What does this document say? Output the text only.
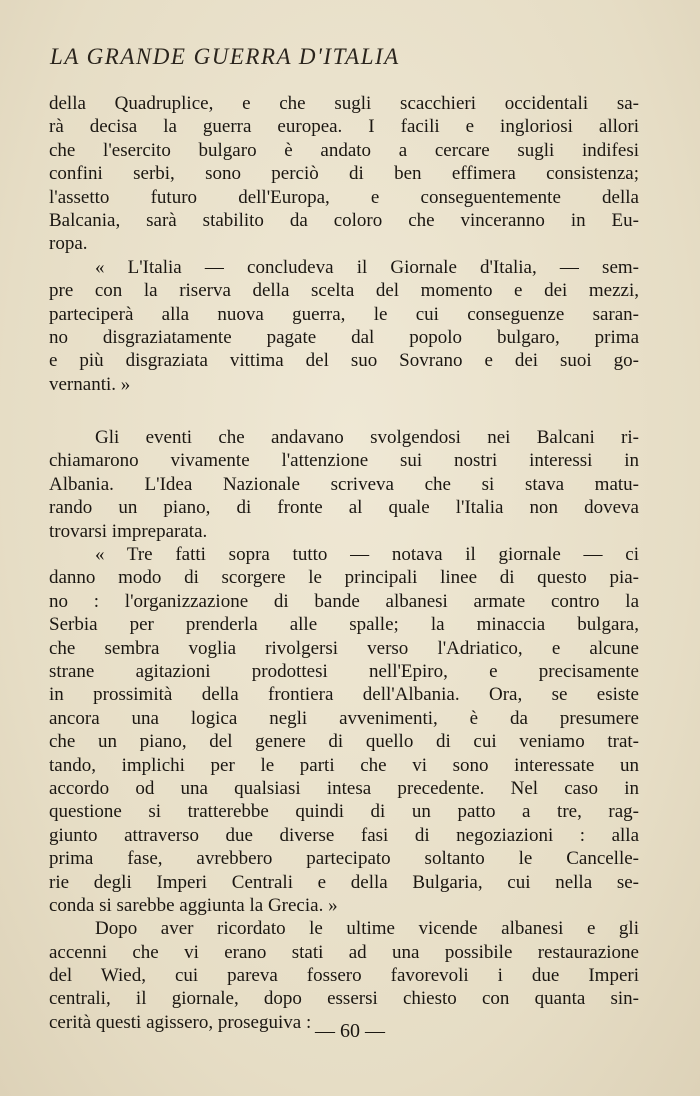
LA GRANDE GUERRA D'ITALIA
della Quadruplice, e che sugli scacchieri occidentali sa-
rà decisa la guerra europea. I facili e ingloriosi allori
che l'esercito bulgaro è andato a cercare sugli indifesi
confini serbi, sono perciò di ben effimera consistenza;
l'assetto futuro dell'Europa, e conseguentemente della
Balcania, sarà stabilito da coloro che vinceranno in Eu-
ropa.
« L'Italia — concludeva il Giornale d'Italia, — sem-
pre con la riserva della scelta del momento e dei mezzi,
parteciperà alla nuova guerra, le cui conseguenze saran-
no disgraziatamente pagate dal popolo bulgaro, prima
e più disgraziata vittima del suo Sovrano e dei suoi go-
vernanti. »
Gli eventi che andavano svolgendosi nei Balcani ri-
chiamarono vivamente l'attenzione sui nostri interessi in
Albania. L'Idea Nazionale scriveva che si stava matu-
rando un piano, di fronte al quale l'Italia non doveva
trovarsi impreparata.
« Tre fatti sopra tutto — notava il giornale — ci
danno modo di scorgere le principali linee di questo pia-
no : l'organizzazione di bande albanesi armate contro la
Serbia per prenderla alle spalle; la minaccia bulgara,
che sembra voglia rivolgersi verso l'Adriatico, e alcune
strane agitazioni prodottesi nell'Epiro, e precisamente
in prossimità della frontiera dell'Albania. Ora, se esiste
ancora una logica negli avvenimenti, è da presumere
che un piano, del genere di quello di cui veniamo trat-
tando, implichi per le parti che vi sono interessate un
accordo od una qualsiasi intesa precedente. Nel caso in
questione si tratterebbe quindi di un patto a tre, rag-
giunto attraverso due diverse fasi di negoziazioni : alla
prima fase, avrebbero partecipato soltanto le Cancelle-
rie degli Imperi Centrali e della Bulgaria, cui nella se-
conda si sarebbe aggiunta la Grecia. »
Dopo aver ricordato le ultime vicende albanesi e gli
accenni che vi erano stati ad una possibile restaurazione
del Wied, cui pareva fossero favorevoli i due Imperi
centrali, il giornale, dopo essersi chiesto con quanta sin-
cerità questi agissero, proseguiva : — 60 —
